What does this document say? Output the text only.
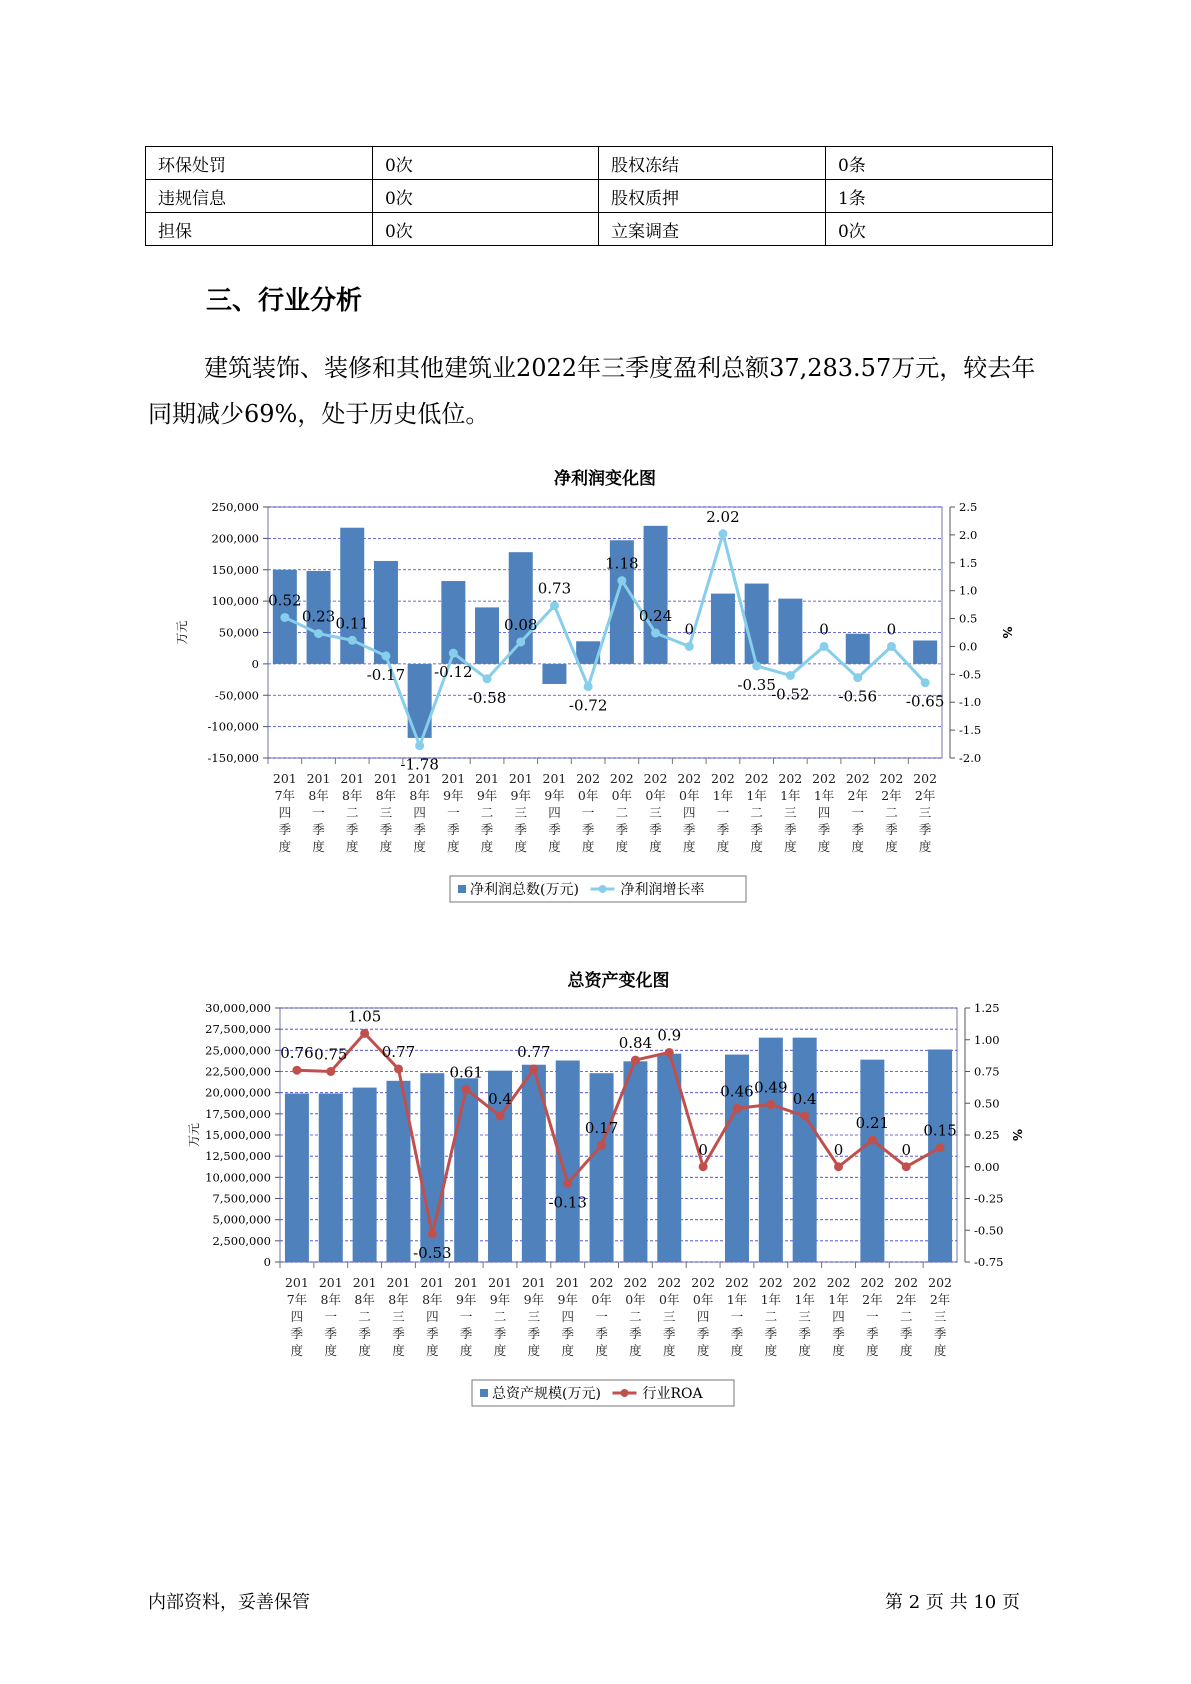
环保处罚	0次	股权冻结	0条
违规信息	0次	股权质押	1条
担保	0次	立案调查	0次
三、行业分析
建筑装饰、装修和其他建筑业2022年三季度盈利总额37,283.57万元，较去年同期减少69%，处于历史低位。
净利润变化图
250,000
200,000
150,000
100,000
50,000
0
-50,000
-100,000
-150,000
2.5
2.0
1.5
1.0
0.5
0.0
-0.5
-1.0
-1.5
-2.0
万元	%
201
7年
四
季
度
201
8年
一
季
度
201
8年
二
季
度
201
8年
三
季
度
201
8年
四
季
度
201
9年
一
季
度
201
9年
二
季
度
201
9年
三
季
度
201
9年
四
季
度
202
0年
一
季
度
202
0年
二
季
度
202
0年
三
季
度
202
0年
四
季
度
202
1年
一
季
度
202
1年
二
季
度
202
1年
三
季
度
202
1年
四
季
度
202
2年
一
季
度
202
2年
二
季
度
202
2年
三
季
度
0.52
0.23 0.11
-0.17
-1.78
-0.12
-0.58
0.08
0.73
-0.72
1.18
0.24
0
2.02
-0.35
-0.52
0
-0.56
0
-0.65
净利润总数(万元)	净利润增长率
总资产变化图
30,000,000
27,500,000
25,000,000
22,500,000
20,000,000
17,500,000
15,000,000
12,500,000
10,000,000
7,500,000
5,000,000
2,500,000
0
1.25
1.00
0.75
0.50
0.25
0.00
-0.25
-0.50
-0.75
万元	%
201
7年
四
季
度
201
8年
一
季
度
201
8年
二
季
度
201
8年
三
季
度
201
8年
四
季
度
201
9年
一
季
度
201
9年
二
季
度
201
9年
三
季
度
201
9年
四
季
度
202
0年
一
季
度
202
0年
二
季
度
202
0年
三
季
度
202
0年
四
季
度
202
1年
一
季
度
202
1年
二
季
度
202
1年
三
季
度
202
1年
四
季
度
202
2年
一
季
度
202
2年
二
季
度
202
2年
三
季
度
0.76 0.75
1.05
0.77
-0.53
0.61
0.4
0.77
-0.13
0.17
0.84 0.9
0
0.46 0.49
0.4
0
0.21
0
0.15
总资产规模(万元)	行业ROA
内部资料，妥善保管	第 2 页 共 10 页
